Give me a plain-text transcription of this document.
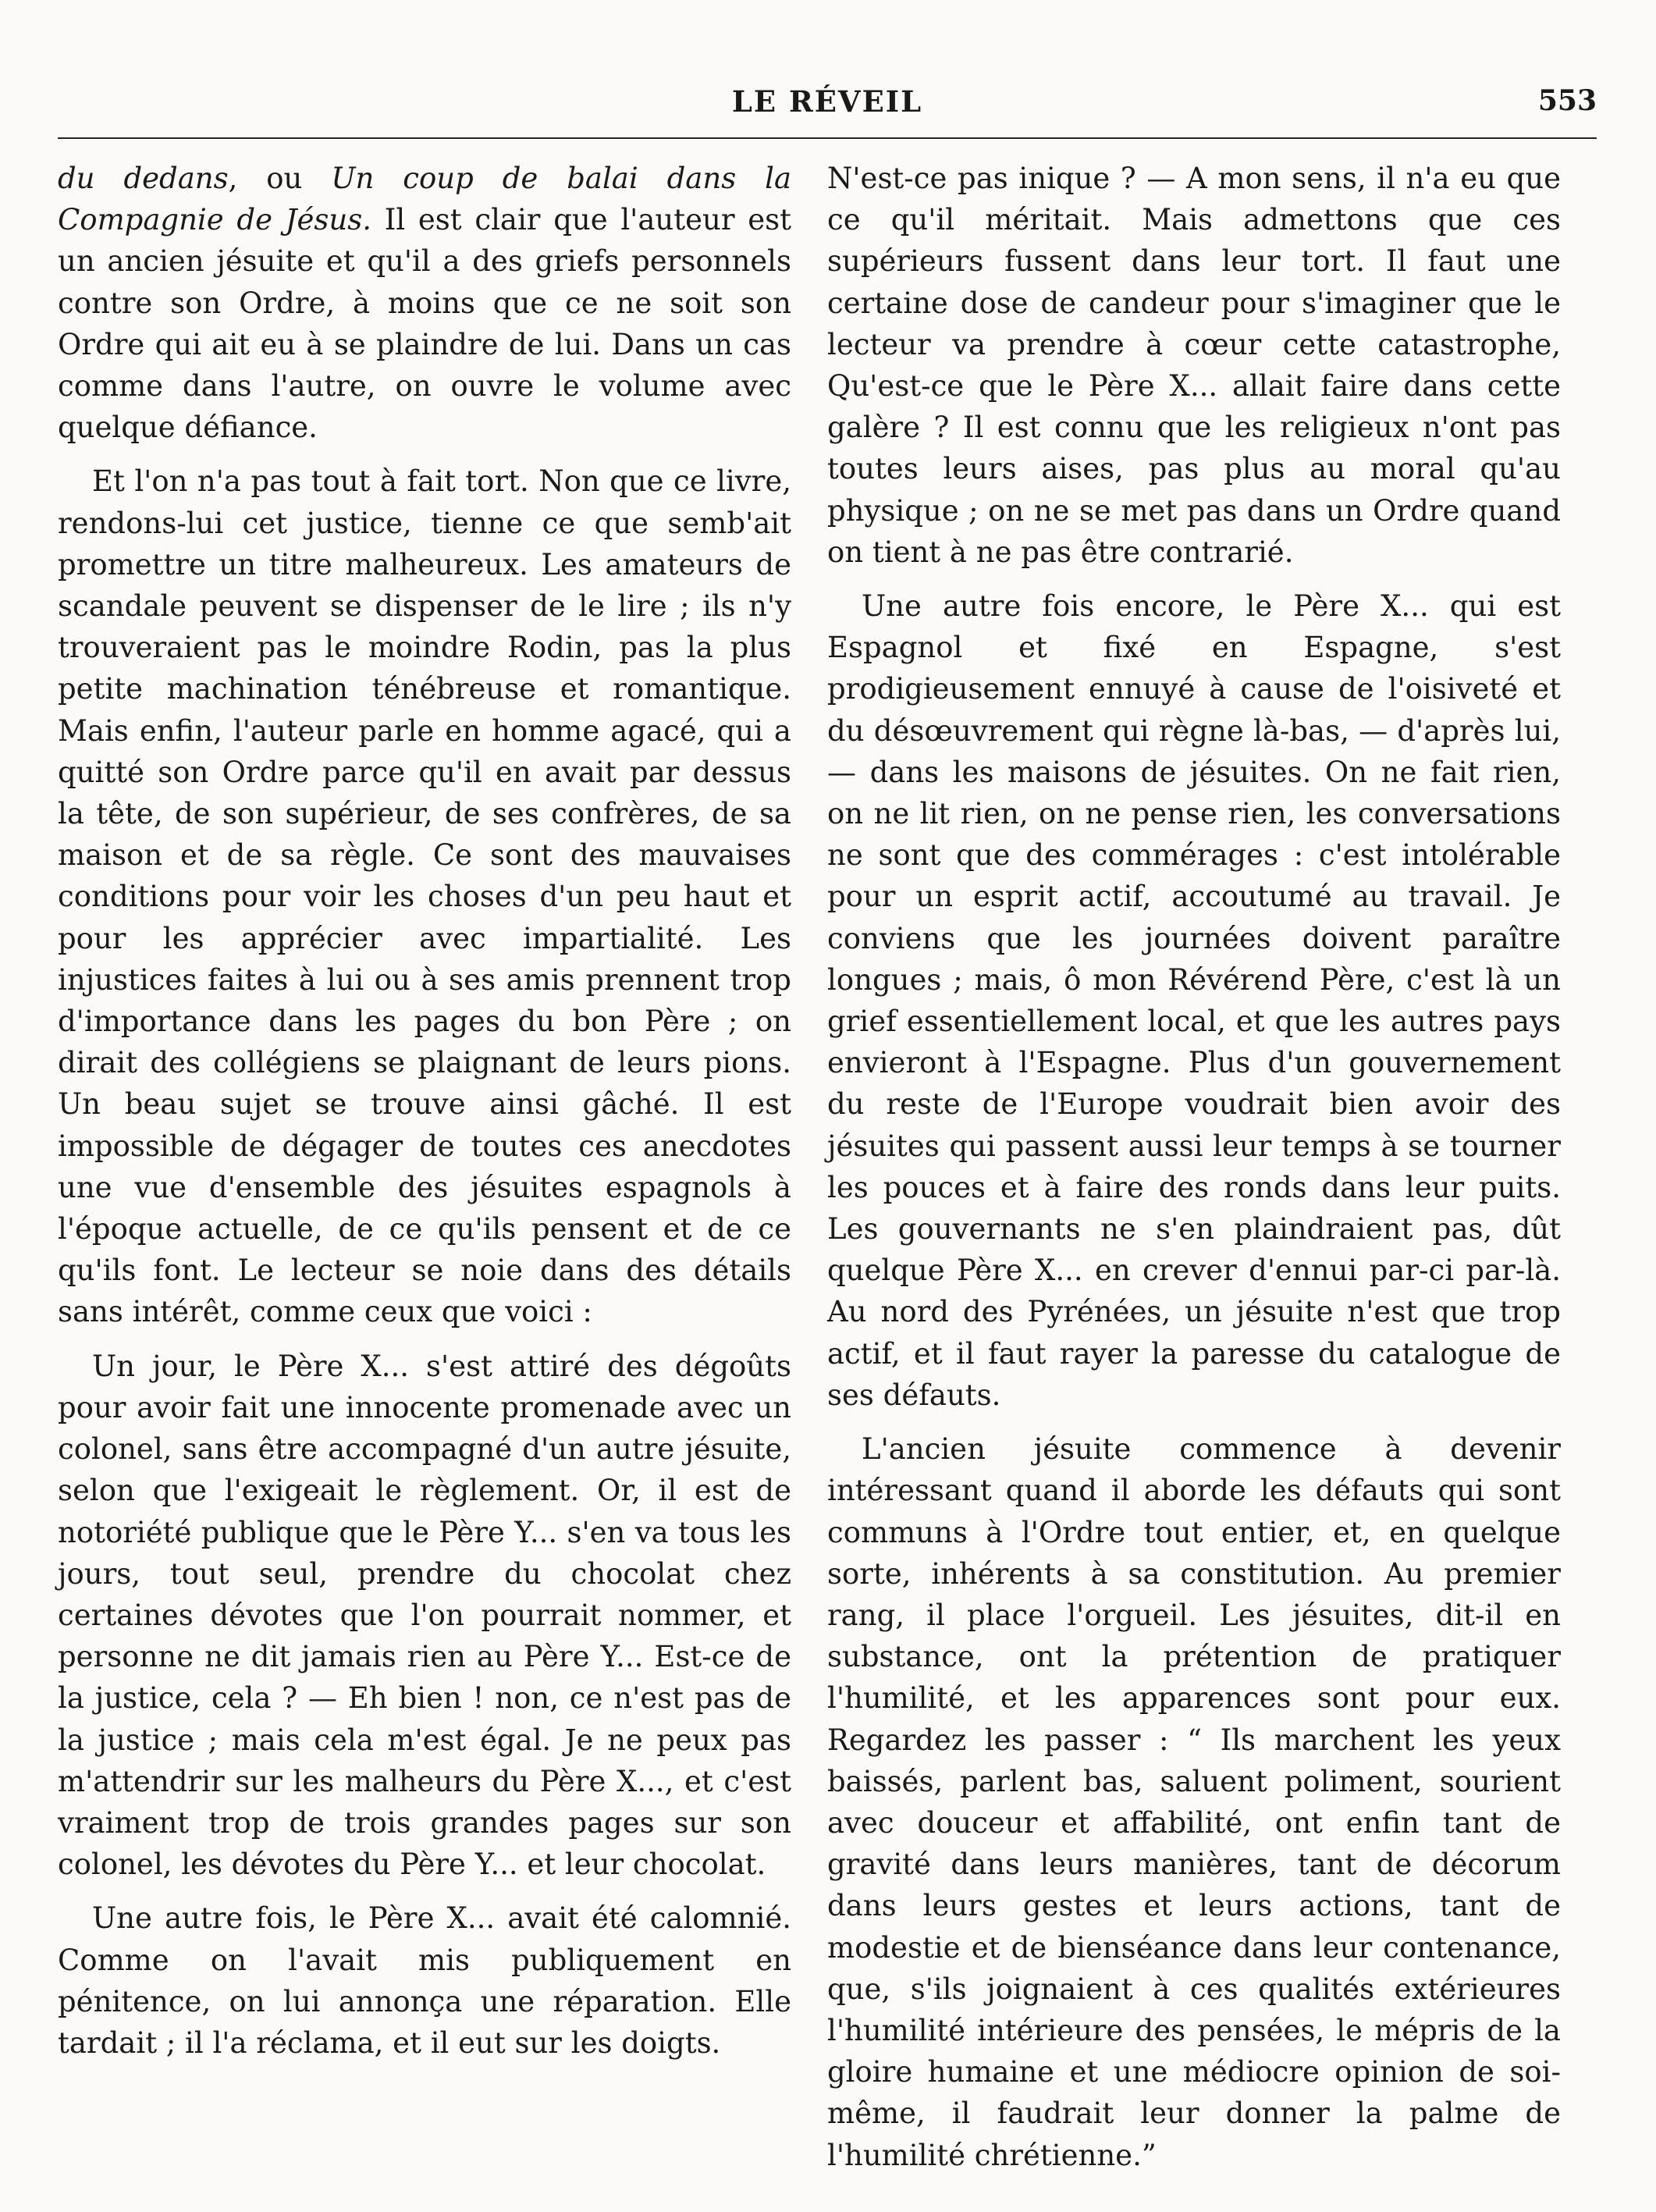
LE RÉVEIL	553

du dedans, ou Un coup de balai dans la Compagnie de Jésus. Il est clair que l'auteur est un ancien jésuite et qu'il a des griefs personnels contre son Ordre, à moins que ce ne soit son Ordre qui ait eu à se plaindre de lui. Dans un cas comme dans l'autre, on ouvre le volume avec quelque défiance.

Et l'on n'a pas tout à fait tort. Non que ce livre, rendons-lui cet justice, tienne ce que semb'ait promettre un titre malheureux. Les amateurs de scandale peuvent se dispenser de le lire ; ils n'y trouveraient pas le moindre Rodin, pas la plus petite machination ténébreuse et romantique. Mais enfin, l'auteur parle en homme agacé, qui a quitté son Ordre parce qu'il en avait par dessus la tête, de son supérieur, de ses confrères, de sa maison et de sa règle. Ce sont des mauvaises conditions pour voir les choses d'un peu haut et pour les apprécier avec impartialité. Les injustices faites à lui ou à ses amis prennent trop d'importance dans les pages du bon Père ; on dirait des collégiens se plaignant de leurs pions. Un beau sujet se trouve ainsi gâché. Il est impossible de dégager de toutes ces anecdotes une vue d'ensemble des jésuites espagnols à l'époque actuelle, de ce qu'ils pensent et de ce qu'ils font. Le lecteur se noie dans des détails sans intérêt, comme ceux que voici :

Un jour, le Père X... s'est attiré des dégoûts pour avoir fait une innocente promenade avec un colonel, sans être accompagné d'un autre jésuite, selon que l'exigeait le règlement. Or, il est de notoriété publique que le Père Y... s'en va tous les jours, tout seul, prendre du chocolat chez certaines dévotes que l'on pourrait nommer, et personne ne dit jamais rien au Père Y... Est-ce de la justice, cela ? — Eh bien ! non, ce n'est pas de la justice ; mais cela m'est égal. Je ne peux pas m'attendrir sur les malheurs du Père X..., et c'est vraiment trop de trois grandes pages sur son colonel, les dévotes du Père Y... et leur chocolat.

Une autre fois, le Père X... avait été calomnié. Comme on l'avait mis publiquement en pénitence, on lui annonça une réparation. Elle tardait ; il l'a réclama, et il eut sur les doigts.

N'est-ce pas inique ? — A mon sens, il n'a eu que ce qu'il méritait. Mais admettons que ces supérieurs fussent dans leur tort. Il faut une certaine dose de candeur pour s'imaginer que le lecteur va prendre à cœur cette catastrophe, Qu'est-ce que le Père X... allait faire dans cette galère ? Il est connu que les religieux n'ont pas toutes leurs aises, pas plus au moral qu'au physique ; on ne se met pas dans un Ordre quand on tient à ne pas être contrarié.

Une autre fois encore, le Père X... qui est Espagnol et fixé en Espagne, s'est prodigieusement ennuyé à cause de l'oisiveté et du désœuvrement qui règne là-bas, — d'après lui, — dans les maisons de jésuites. On ne fait rien, on ne lit rien, on ne pense rien, les conversations ne sont que des commérages : c'est intolérable pour un esprit actif, accoutumé au travail. Je conviens que les journées doivent paraître longues ; mais, ô mon Révérend Père, c'est là un grief essentiellement local, et que les autres pays envieront à l'Espagne. Plus d'un gouvernement du reste de l'Europe voudrait bien avoir des jésuites qui passent aussi leur temps à se tourner les pouces et à faire des ronds dans leur puits. Les gouvernants ne s'en plaindraient pas, dût quelque Père X... en crever d'ennui par-ci par-là. Au nord des Pyrénées, un jésuite n'est que trop actif, et il faut rayer la paresse du catalogue de ses défauts.

L'ancien jésuite commence à devenir intéressant quand il aborde les défauts qui sont communs à l'Ordre tout entier, et, en quelque sorte, inhérents à sa constitution. Au premier rang, il place l'orgueil. Les jésuites, dit-il en substance, ont la prétention de pratiquer l'humilité, et les apparences sont pour eux. Regardez les passer : “ Ils marchent les yeux baissés, parlent bas, saluent poliment, sourient avec douceur et affabilité, ont enfin tant de gravité dans leurs manières, tant de décorum dans leurs gestes et leurs actions, tant de modestie et de bienséance dans leur contenance, que, s'ils joignaient à ces qualités extérieures l'humilité intérieure des pensées, le mépris de la gloire humaine et une médiocre opinion de soi-même, il faudrait leur donner la palme de l'humilité chrétienne.”
